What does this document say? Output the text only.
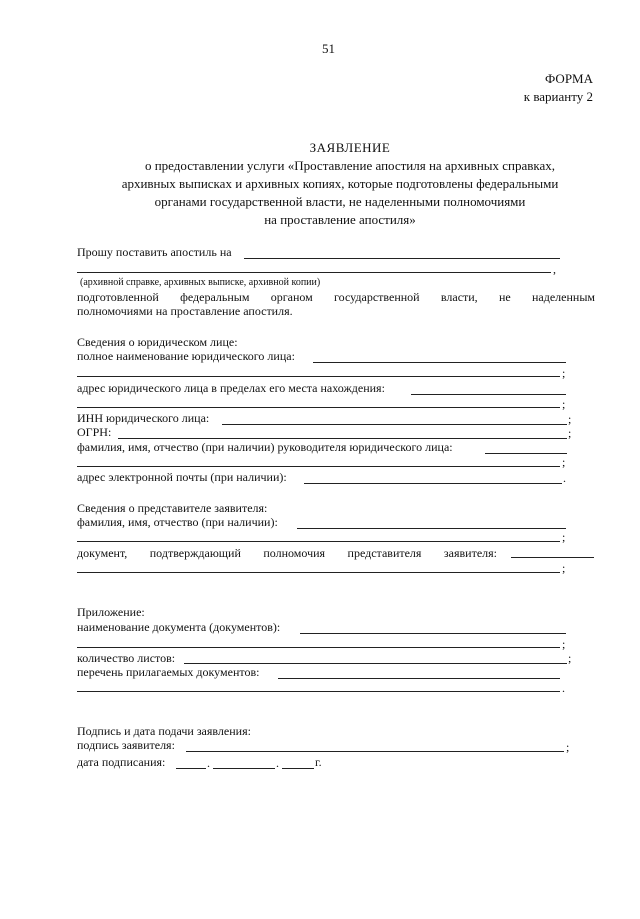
51
ФОРМА
к варианту 2
ЗАЯВЛЕНИЕ
о предоставлении услуги «Проставление апостиля на архивных справках,
архивных выписках и архивных копиях, которые подготовлены федеральными
органами государственной власти, не наделенными полномочиями
на проставление апостиля»
Прошу поставить апостиль на
,
(архивной справке, архивных выписке, архивной копии)
подготовленной федеральным органом государственной власти, не наделенным
полномочиями на проставление апостиля.
Сведения о юридическом лице:
полное наименование юридического лица:
;
адрес юридического лица в пределах его места нахождения:
;
ИНН юридического лица:	;
ОГРН:	;
фамилия, имя, отчество (при наличии) руководителя юридического лица:
;
адрес электронной почты (при наличии):	.
Сведения о представителе заявителя:
фамилия, имя, отчество (при наличии):
;
документ, подтверждающий полномочия представителя заявителя:
;
Приложение:
наименование документа (документов):
;
количество листов:	;
перечень прилагаемых документов:
.
Подпись и дата подачи заявления:
подпись заявителя:	;
дата подписания:	.	.	г.
